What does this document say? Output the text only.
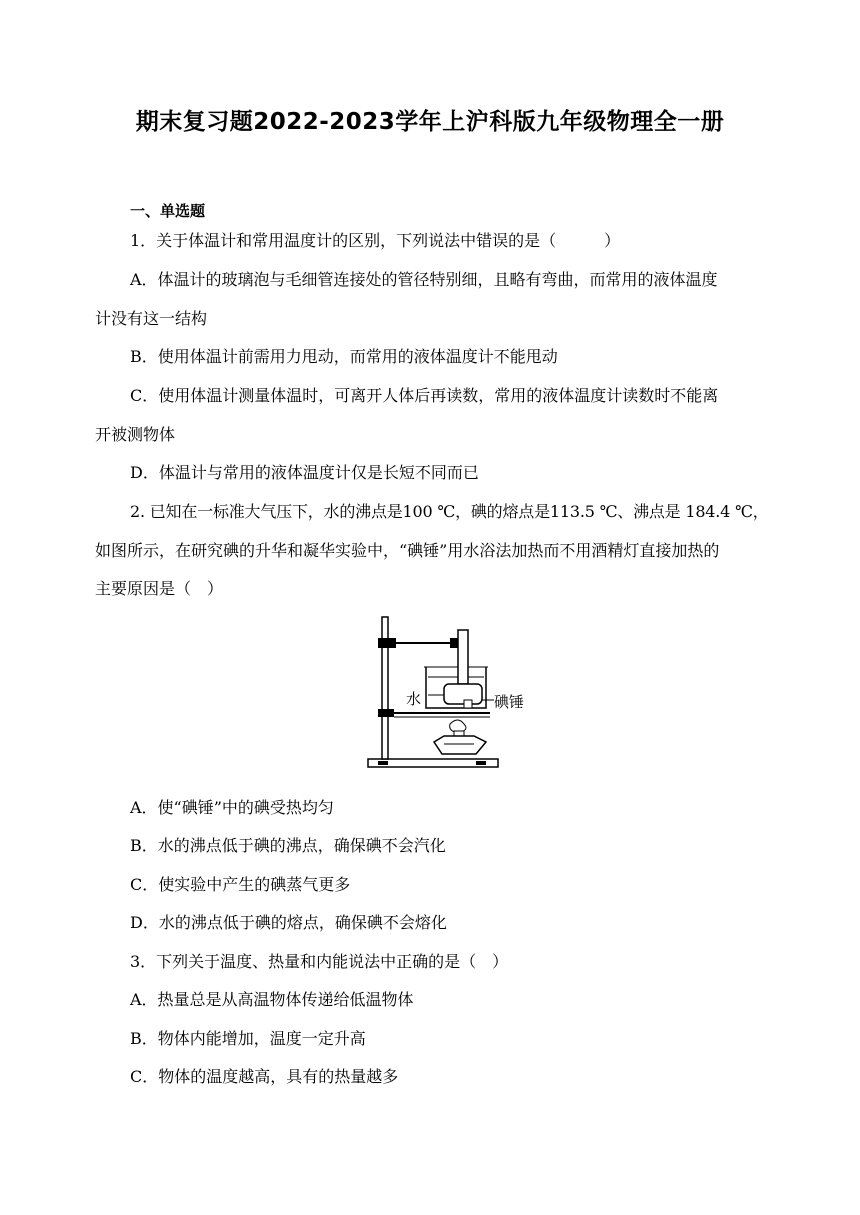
期末复习题2022-2023学年上沪科版九年级物理全一册
一、单选题
1．关于体温计和常用温度计的区别，下列说法中错误的是（　　　）
A．体温计的玻璃泡与毛细管连接处的管径特别细，且略有弯曲，而常用的液体温度
计没有这一结构
B．使用体温计前需用力甩动，而常用的液体温度计不能甩动
C．使用体温计测量体温时，可离开人体后再读数，常用的液体温度计读数时不能离
开被测物体
D．体温计与常用的液体温度计仅是长短不同而已
2. 已知在一标准大气压下，水的沸点是100 ℃，碘的熔点是113.5 ℃、沸点是 184.4 ℃，
如图所示，在研究碘的升华和凝华实验中，“碘锤”用水浴法加热而不用酒精灯直接加热的
主要原因是（　）
水	碘锤
A．使“碘锤”中的碘受热均匀
B．水的沸点低于碘的沸点，确保碘不会汽化
C．使实验中产生的碘蒸气更多
D．水的沸点低于碘的熔点，确保碘不会熔化
3．下列关于温度、热量和内能说法中正确的是（　）
A．热量总是从高温物体传递给低温物体
B．物体内能增加，温度一定升高
C．物体的温度越高，具有的热量越多
